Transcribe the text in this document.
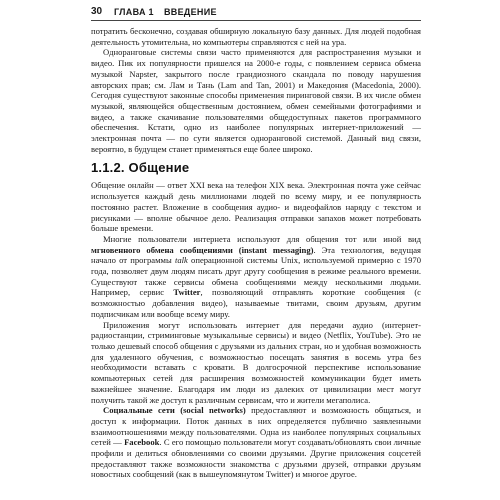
30 ГЛАВА 1 ВВЕДЕНИЕ

потратить бесконечно, создавая обширную локальную базу данных. Для людей подобная деятельность утомительна, но компьютеры справляются с ней на ура.

Одноранговые системы связи часто применяются для распространения музыки и видео. Пик их популярности пришелся на 2000-е годы, с появлением сервиса обмена музыкой Napster, закрытого после грандиозного скандала по поводу нарушения авторских прав; см. Лам и Тань (Lam and Tan, 2001) и Македония (Macedonia, 2000). Сегодня существуют законные способы применения пиринговой связи. В их числе обмен музыкой, являющейся общественным достоянием, обмен семейными фотографиями и видео, а также скачивание пользователями общедоступных пакетов программного обеспечения. Кстати, одно из наиболее популярных интернет-приложений — электронная почта — по сути является одноранговой системой. Данный вид связи, вероятно, в будущем станет применяться еще более широко.

1.1.2. Общение

Общение онлайн — ответ XXI века на телефон XIX века. Электронная почта уже сейчас используется каждый день миллионами людей по всему миру, и ее популярность постоянно растет. Вложение в сообщения аудио- и видеофайлов наряду с текстом и рисунками — вполне обычное дело. Реализация отправки запахов может потребовать больше времени.

Многие пользователи интернета используют для общения тот или иной вид мгновенного обмена сообщениями (instant messaging). Эта технология, ведущая начало от программы talk операционной системы Unix, используемой примерно с 1970 года, позволяет двум людям писать друг другу сообщения в режиме реального времени. Существуют также сервисы обмена сообщениями между несколькими людьми. Например, сервис Twitter, позволяющий отправлять короткие сообщения (с возможностью добавления видео), называемые твитами, своим друзьям, другим подписчикам или вообще всему миру.

Приложения могут использовать интернет для передачи аудио (интернет-радиостанции, стриминговые музыкальные сервисы) и видео (Netflix, YouTube). Это не только дешевый способ общения с друзьями из дальних стран, но и удобная возможность для удаленного обучения, с возможностью посещать занятия в восемь утра без необходимости вставать с кровати. В долгосрочной перспективе использование компьютерных сетей для расширения возможностей коммуникации будет иметь важнейшее значение. Благодаря им люди из далеких от цивилизации мест могут получить такой же доступ к различным сервисам, что и жители мегаполиса.

Социальные сети (social networks) предоставляют и возможность общаться, и доступ к информации. Поток данных в них определяется публично заявленными взаимоотношениями между пользователями. Одна из наиболее популярных социальных сетей — Facebook. С его помощью пользователи могут создавать/обновлять свои личные профили и делиться обновлениями со своими друзьями. Другие приложения соцсетей предоставляют также возможности знакомства с друзьями друзей, отправки друзьям новостных сообщений (как в вышеупомянутом Twitter) и многое другое.
